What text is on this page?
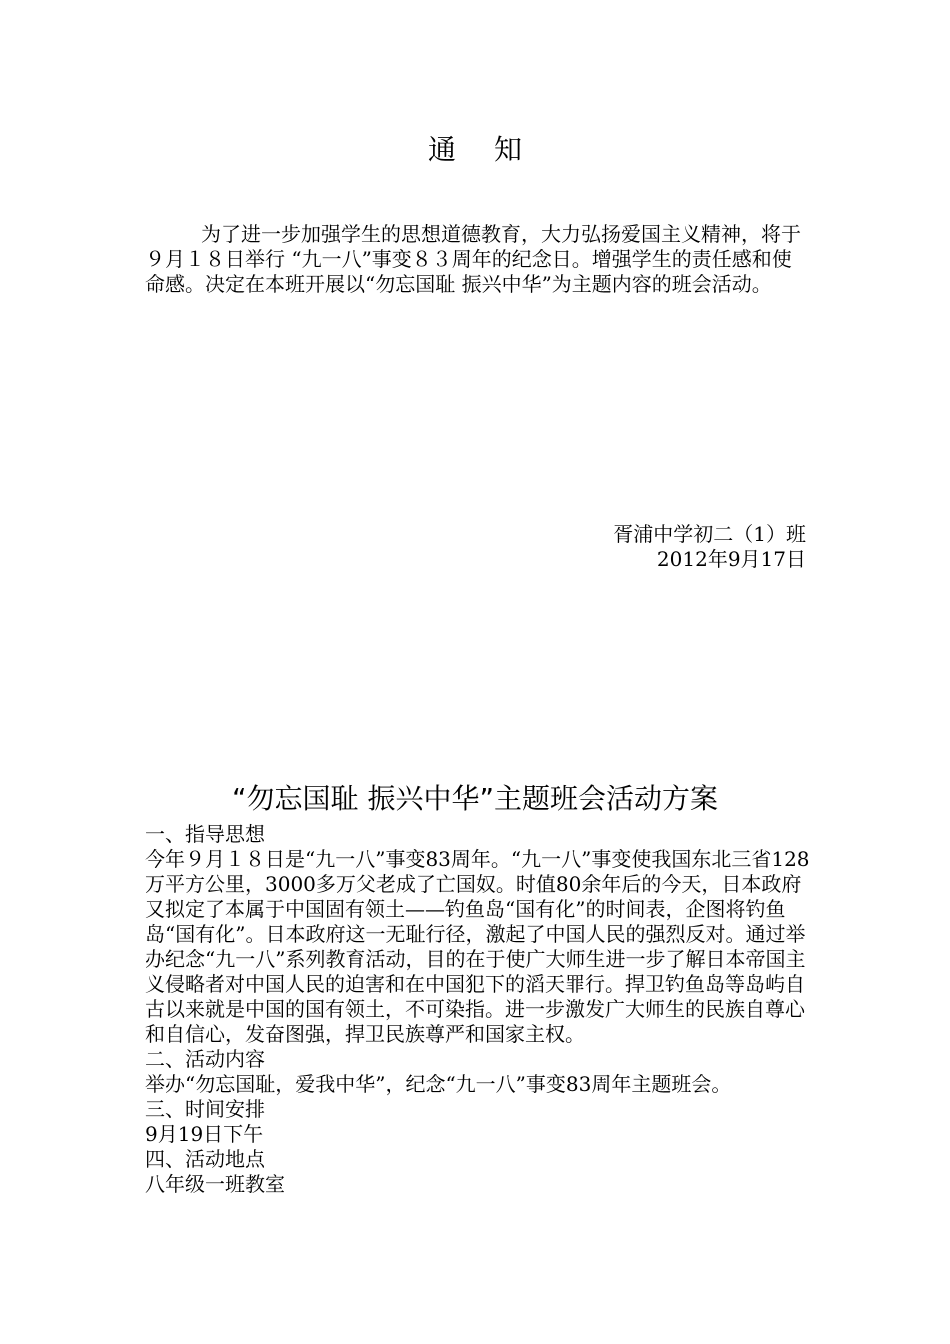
通知

为了进一步加强学生的思想道德教育，大力弘扬爱国主义精神，将于９月１８日举行 “九一八”事变８３周年的纪念日。增强学生的责任感和使命感。决定在本班开展以“勿忘国耻 振兴中华”为主题内容的班会活动。

胥浦中学初二（1）班
2012年9月17日
“勿忘国耻 振兴中华”主题班会活动方案
一、指导思想

今年９月１８日是“九一八”事变83周年。“九一八”事变使我国东北三省128万平方公里，3000多万父老成了亡国奴。时值80余年后的今天，日本政府又拟定了本属于中国固有领土——钓鱼岛“国有化”的时间表，企图将钓鱼岛“国有化”。日本政府这一无耻行径，激起了中国人民的强烈反对。通过举办纪念“九一八”系列教育活动，目的在于使广大师生进一步了解日本帝国主义侵略者对中国人民的迫害和在中国犯下的滔天罪行。捍卫钓鱼岛等岛屿自古以来就是中国的国有领土，不可染指。进一步激发广大师生的民族自尊心和自信心，发奋图强，捍卫民族尊严和国家主权。

二、活动内容
举办“勿忘国耻，爱我中华”，纪念“九一八”事变83周年主题班会。
三、时间安排
9月19日下午
四、活动地点
八年级一班教室
